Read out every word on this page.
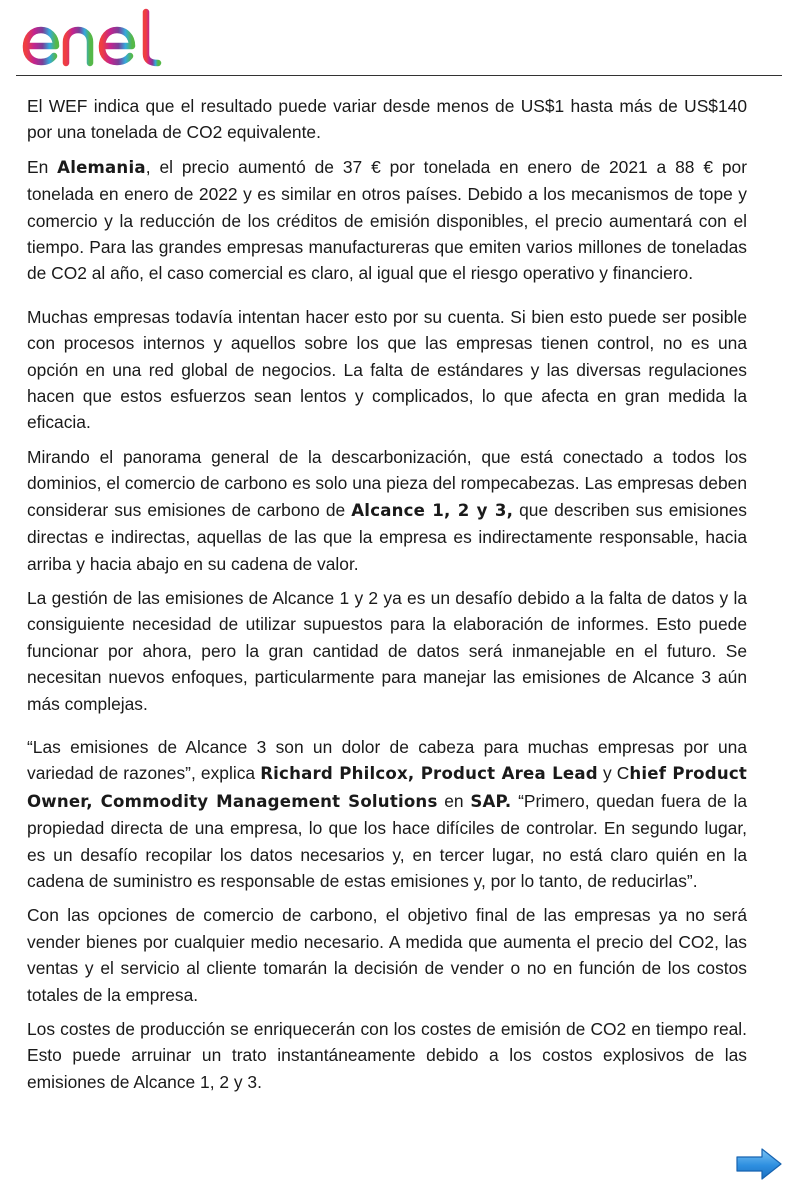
El WEF indica que el resultado puede variar desde menos de US$1 hasta más de US$140 por una tonelada de CO2 equivalente.

En Alemania, el precio aumentó de 37 € por tonelada en enero de 2021 a 88 € por tonelada en enero de 2022 y es similar en otros países. Debido a los mecanismos de tope y comercio y la reducción de los créditos de emisión disponibles, el precio aumentará con el tiempo. Para las grandes empresas manufactureras que emiten varios millones de toneladas de CO2 al año, el caso comercial es claro, al igual que el riesgo operativo y financiero.

Muchas empresas todavía intentan hacer esto por su cuenta. Si bien esto puede ser posible con procesos internos y aquellos sobre los que las empresas tienen control, no es una opción en una red global de negocios. La falta de estándares y las diversas regulaciones hacen que estos esfuerzos sean lentos y complicados, lo que afecta en gran medida la eficacia.

Mirando el panorama general de la descarbonización, que está conectado a todos los dominios, el comercio de carbono es solo una pieza del rompecabezas. Las empresas deben considerar sus emisiones de carbono de Alcance 1, 2 y 3, que describen sus emisiones directas e indirectas, aquellas de las que la empresa es indirectamente responsable, hacia arriba y hacia abajo en su cadena de valor.

La gestión de las emisiones de Alcance 1 y 2 ya es un desafío debido a la falta de datos y la consiguiente necesidad de utilizar supuestos para la elaboración de informes. Esto puede funcionar por ahora, pero la gran cantidad de datos será inmanejable en el futuro. Se necesitan nuevos enfoques, particularmente para manejar las emisiones de Alcance 3 aún más complejas.

“Las emisiones de Alcance 3 son un dolor de cabeza para muchas empresas por una variedad de razones”, explica Richard Philcox, Product Area Lead y Chief Product Owner, Commodity Management Solutions en SAP. “Primero, quedan fuera de la propiedad directa de una empresa, lo que los hace difíciles de controlar. En segundo lugar, es un desafío recopilar los datos necesarios y, en tercer lugar, no está claro quién en la cadena de suministro es responsable de estas emisiones y, por lo tanto, de reducirlas”.

Con las opciones de comercio de carbono, el objetivo final de las empresas ya no será vender bienes por cualquier medio necesario. A medida que aumenta el precio del CO2, las ventas y el servicio al cliente tomarán la decisión de vender o no en función de los costos totales de la empresa.

Los costes de producción se enriquecerán con los costes de emisión de CO2 en tiempo real. Esto puede arruinar un trato instantáneamente debido a los costos explosivos de las emisiones de Alcance 1, 2 y 3.
